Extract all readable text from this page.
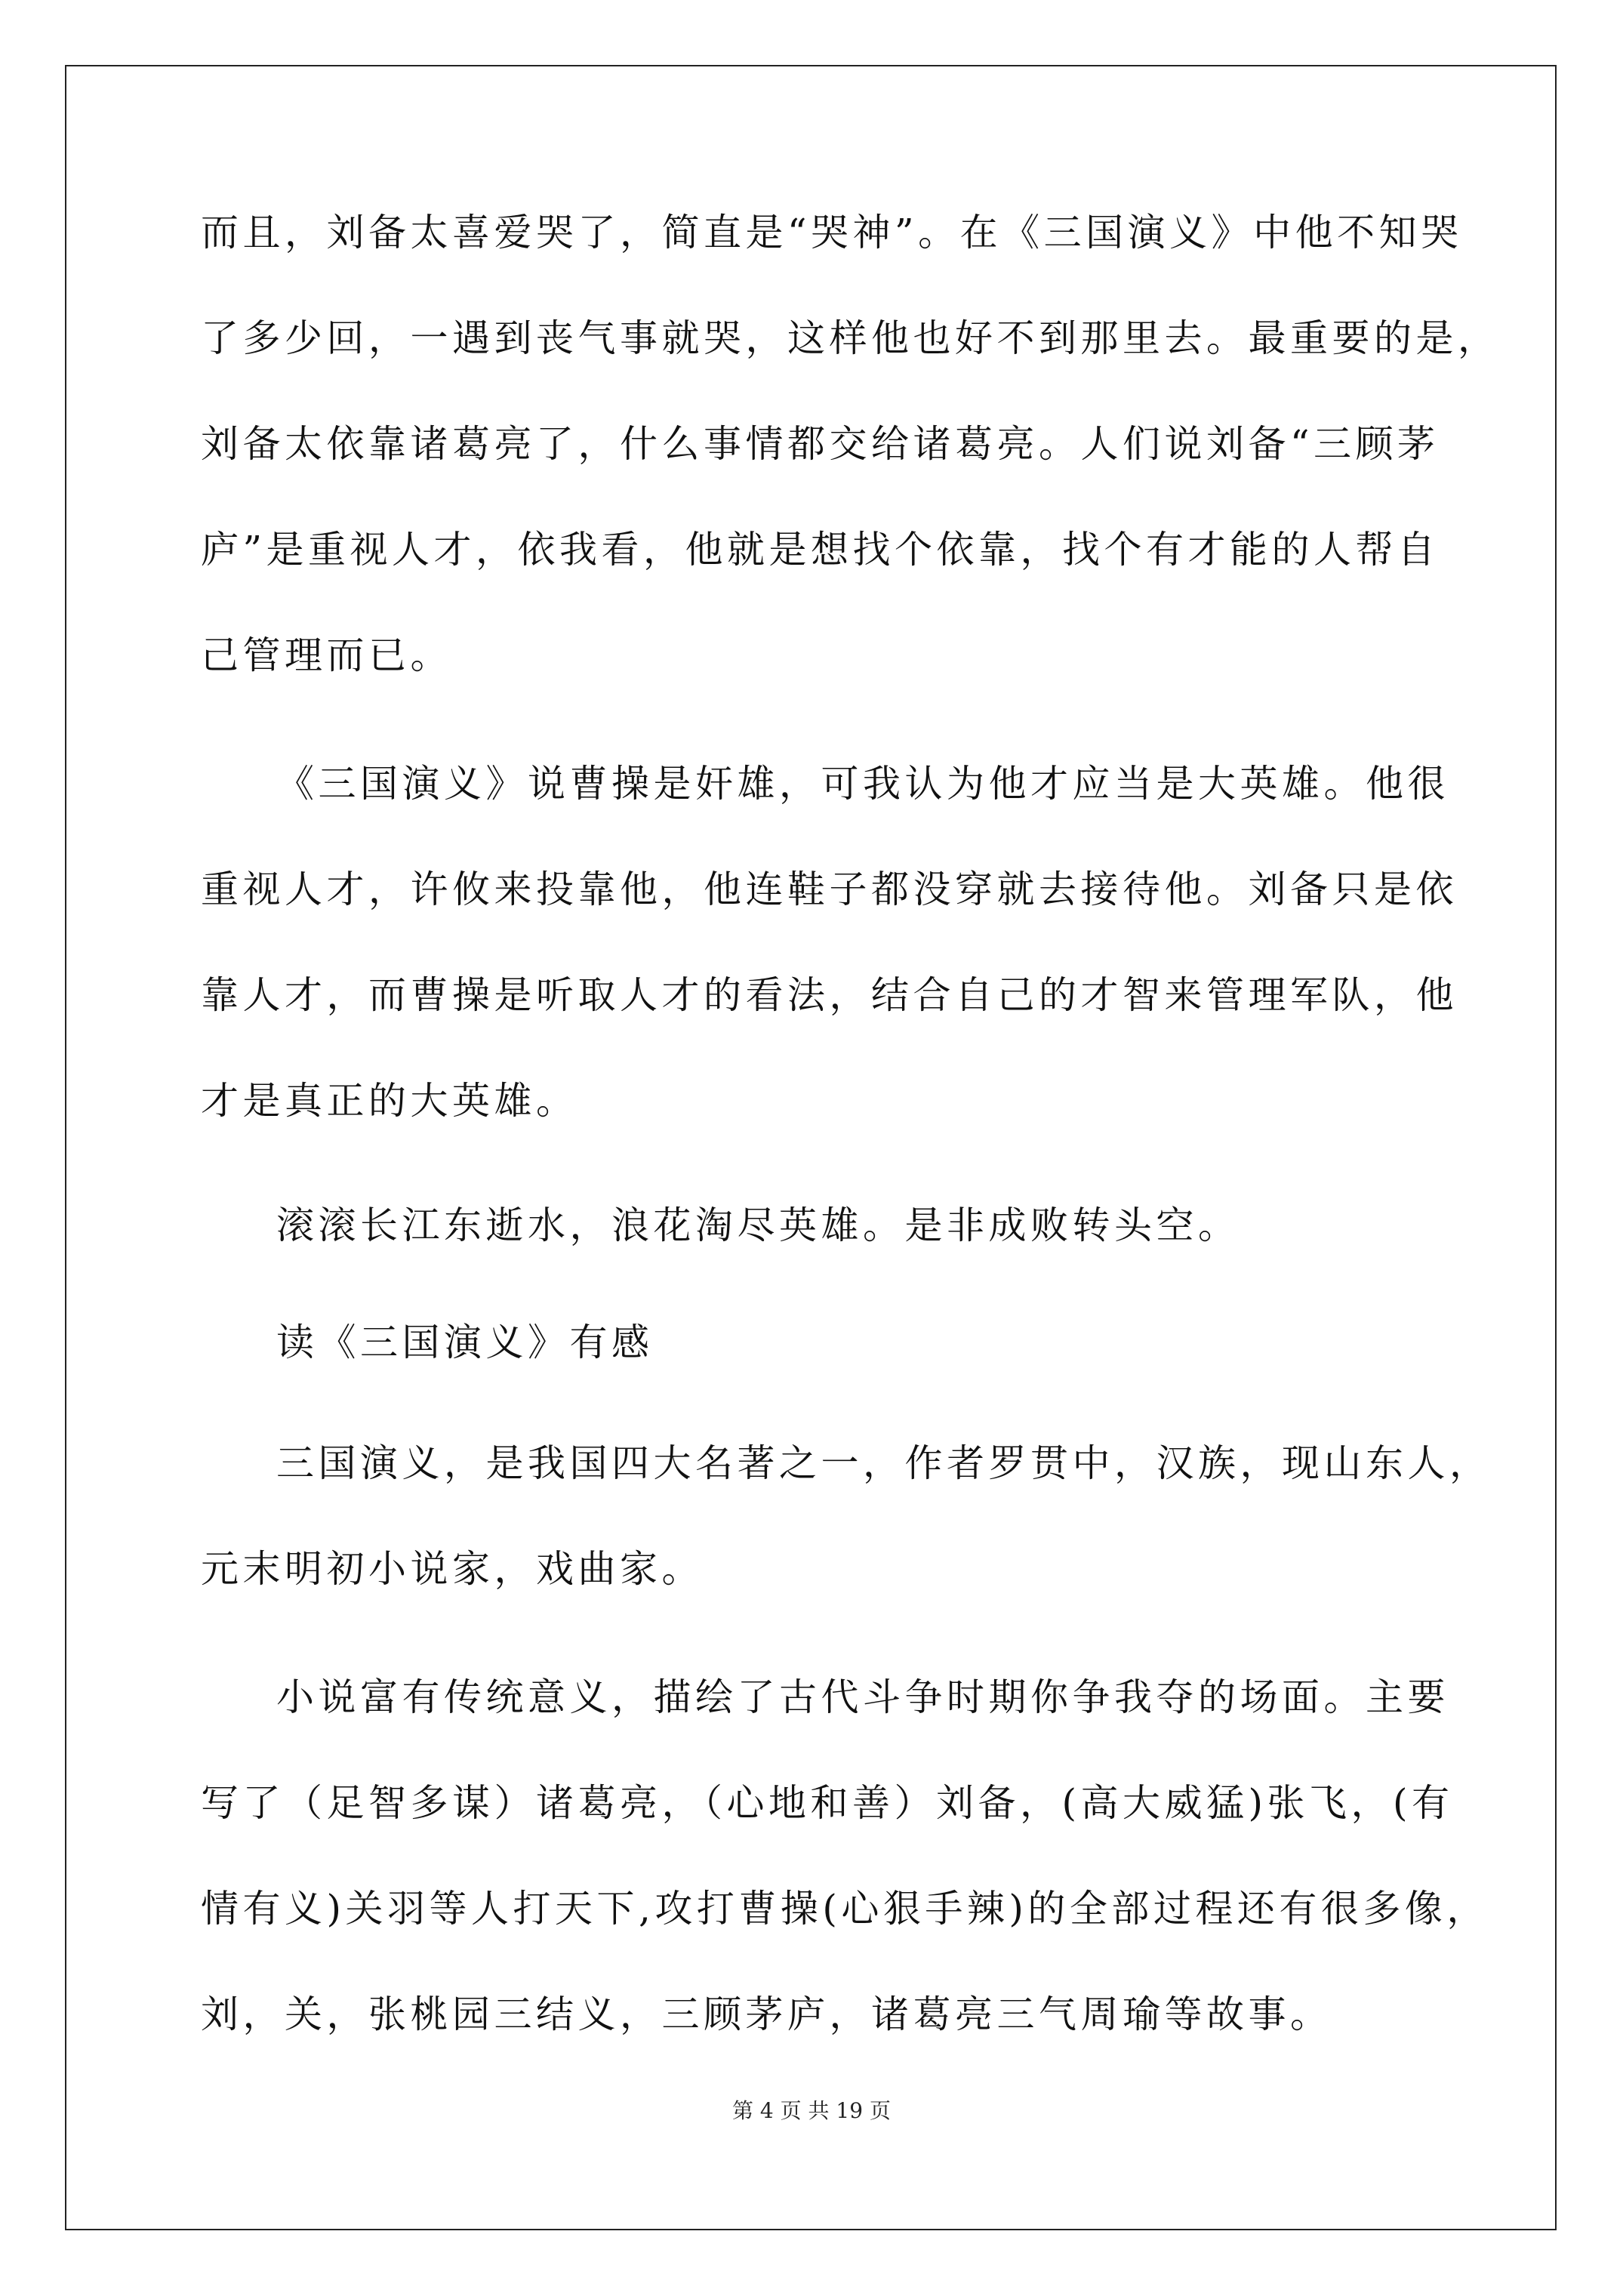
而且，刘备太喜爱哭了，简直是“哭神”。在《三国演义》中他不知哭
了多少回，一遇到丧气事就哭，这样他也好不到那里去。最重要的是，
刘备太依靠诸葛亮了，什么事情都交给诸葛亮。人们说刘备“三顾茅
庐”是重视人才，依我看，他就是想找个依靠，找个有才能的人帮自
己管理而已。
《三国演义》说曹操是奸雄，可我认为他才应当是大英雄。他很
重视人才，许攸来投靠他，他连鞋子都没穿就去接待他。刘备只是依
靠人才，而曹操是听取人才的看法，结合自己的才智来管理军队，他
才是真正的大英雄。
滚滚长江东逝水，浪花淘尽英雄。是非成败转头空。
读《三国演义》有感
三国演义，是我国四大名著之一，作者罗贯中，汉族，现山东人，
元末明初小说家，戏曲家。
小说富有传统意义，描绘了古代斗争时期你争我夺的场面。主要
写了（足智多谋）诸葛亮，（心地和善）刘备，(高大威猛)张飞，(有
情有义)关羽等人打天下,攻打曹操(心狠手辣)的全部过程还有很多像，
刘，关，张桃园三结义，三顾茅庐，诸葛亮三气周瑜等故事。
第 4 页 共 19 页
